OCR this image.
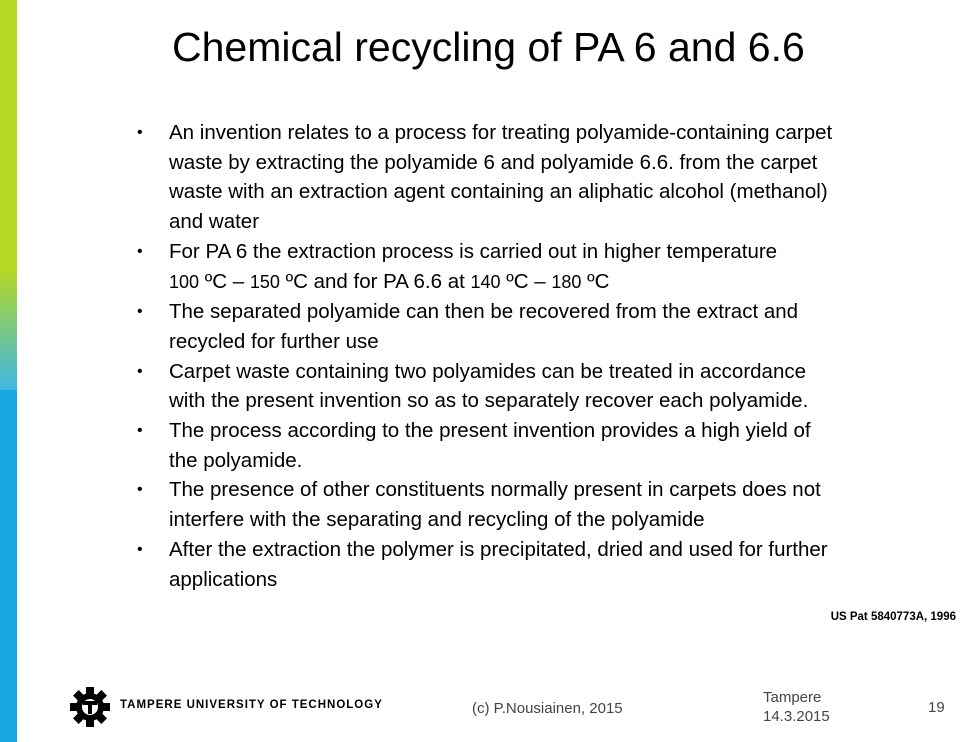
Chemical recycling of PA 6 and 6.6
• An invention relates to a process for treating polyamide-containing carpet waste by extracting the polyamide 6 and polyamide 6.6. from the carpet waste with an extraction agent containing an aliphatic alcohol (methanol) and water
• For PA 6 the extraction process is carried out in higher temperature
100 ºC – 150 ºC and for PA 6.6 at 140 ºC – 180 ºC
• The separated polyamide can then be recovered from the extract and recycled for further use
• Carpet waste containing two polyamides can be treated in accordance with the present invention so as to separately recover each polyamide.
• The process according to the present invention provides a high yield of the polyamide.
• The presence of other constituents normally present in carpets does not interfere with the separating and recycling of the polyamide
• After the extraction the polymer is precipitated, dried and used for further applications
US Pat 5840773A, 1996
TAMPERE UNIVERSITY OF TECHNOLOGY	(c) P.Nousiainen, 2015
Tampere
14.3.2015
19
